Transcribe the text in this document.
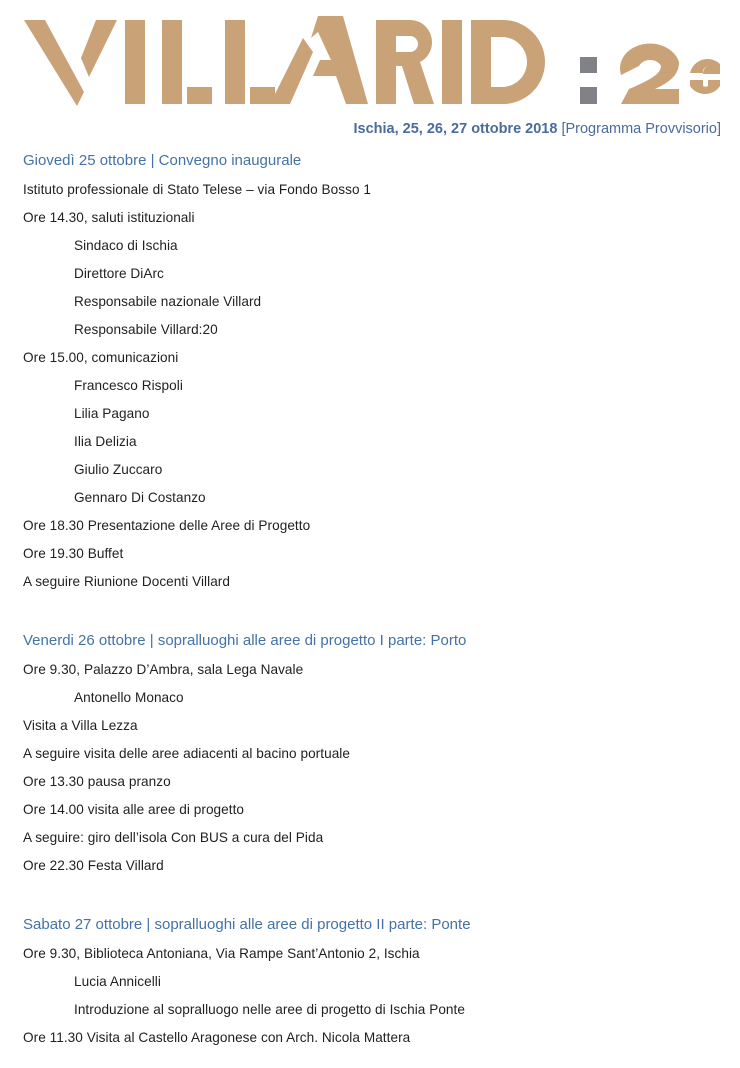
Ischia, 25, 26, 27 ottobre 2018 [Programma Provvisorio]
Giovedì 25 ottobre | Convegno inaugurale
Istituto professionale di Stato Telese – via Fondo Bosso 1
Ore 14.30, saluti istituzionali
Sindaco di Ischia
Direttore DiArc
Responsabile nazionale Villard
Responsabile Villard:20
Ore 15.00, comunicazioni
Francesco Rispoli
Lilia Pagano
Ilia Delizia
Giulio Zuccaro
Gennaro Di Costanzo
Ore 18.30 Presentazione delle Aree di Progetto
Ore 19.30 Buffet
A seguire Riunione Docenti Villard
Venerdi 26 ottobre | sopralluoghi alle aree di progetto I parte: Porto
Ore 9.30, Palazzo D’Ambra, sala Lega Navale
Antonello Monaco
Visita a Villa Lezza
A seguire visita delle aree adiacenti al bacino portuale
Ore 13.30 pausa pranzo
Ore 14.00 visita alle aree di progetto
A seguire: giro dell’isola Con BUS a cura del Pida
Ore 22.30 Festa Villard
Sabato 27 ottobre | sopralluoghi alle aree di progetto II parte: Ponte
Ore 9.30, Biblioteca Antoniana, Via Rampe Sant’Antonio 2, Ischia
Lucia Annicelli
Introduzione al sopralluogo nelle aree di progetto di Ischia Ponte
Ore 11.30 Visita al Castello Aragonese con Arch. Nicola Mattera
